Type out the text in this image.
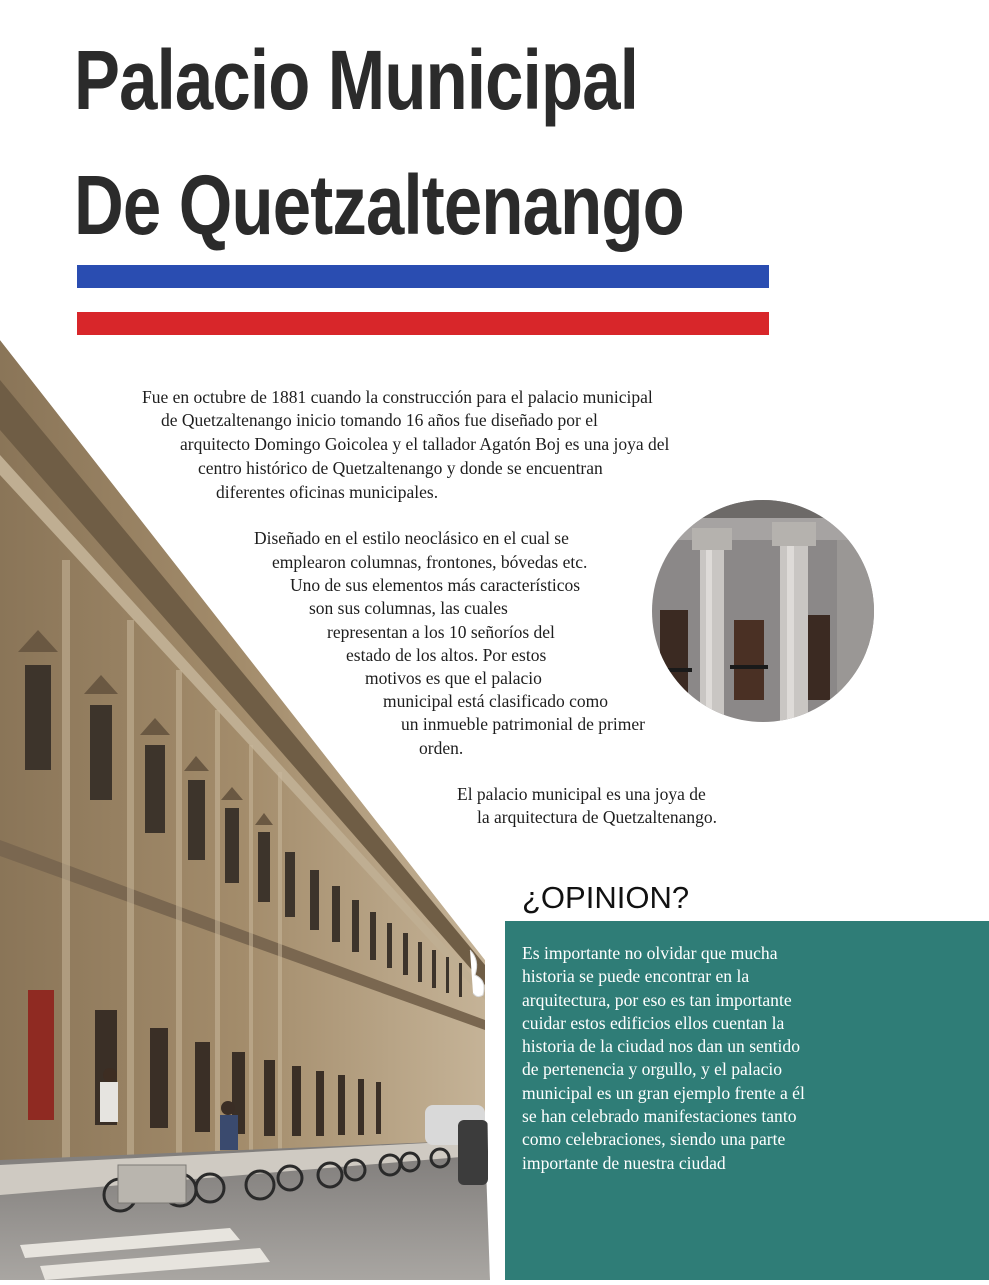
Palacio Municipal
De Quetzaltenango
Fue en octubre de 1881 cuando la construcción para el palacio municipal
de Quetzaltenango inicio tomando 16 años fue diseñado por el
arquitecto Domingo Goicolea y el tallador Agatón Boj es una joya del
centro histórico de Quetzaltenango y donde se encuentran
diferentes oficinas municipales.
Diseñado en el estilo neoclásico en el cual se
emplearon columnas, frontones, bóvedas etc.
Uno de sus elementos más característicos
son sus columnas, las cuales
representan a los 10 señoríos del
estado de los altos. Por estos
motivos es que el palacio
municipal está clasificado como
un inmueble patrimonial de primer
orden.
El palacio municipal es una joya de
la arquitectura de Quetzaltenango.
¿OPINION?
Es importante no olvidar que mucha
historia se puede encontrar en la
arquitectura, por eso es tan importante
cuidar estos edificios ellos cuentan la
historia de la ciudad nos dan un sentido
de pertenencia y orgullo, y el palacio
municipal es un gran ejemplo frente a él
se han celebrado manifestaciones tanto
como celebraciones, siendo una parte
importante de nuestra ciudad
